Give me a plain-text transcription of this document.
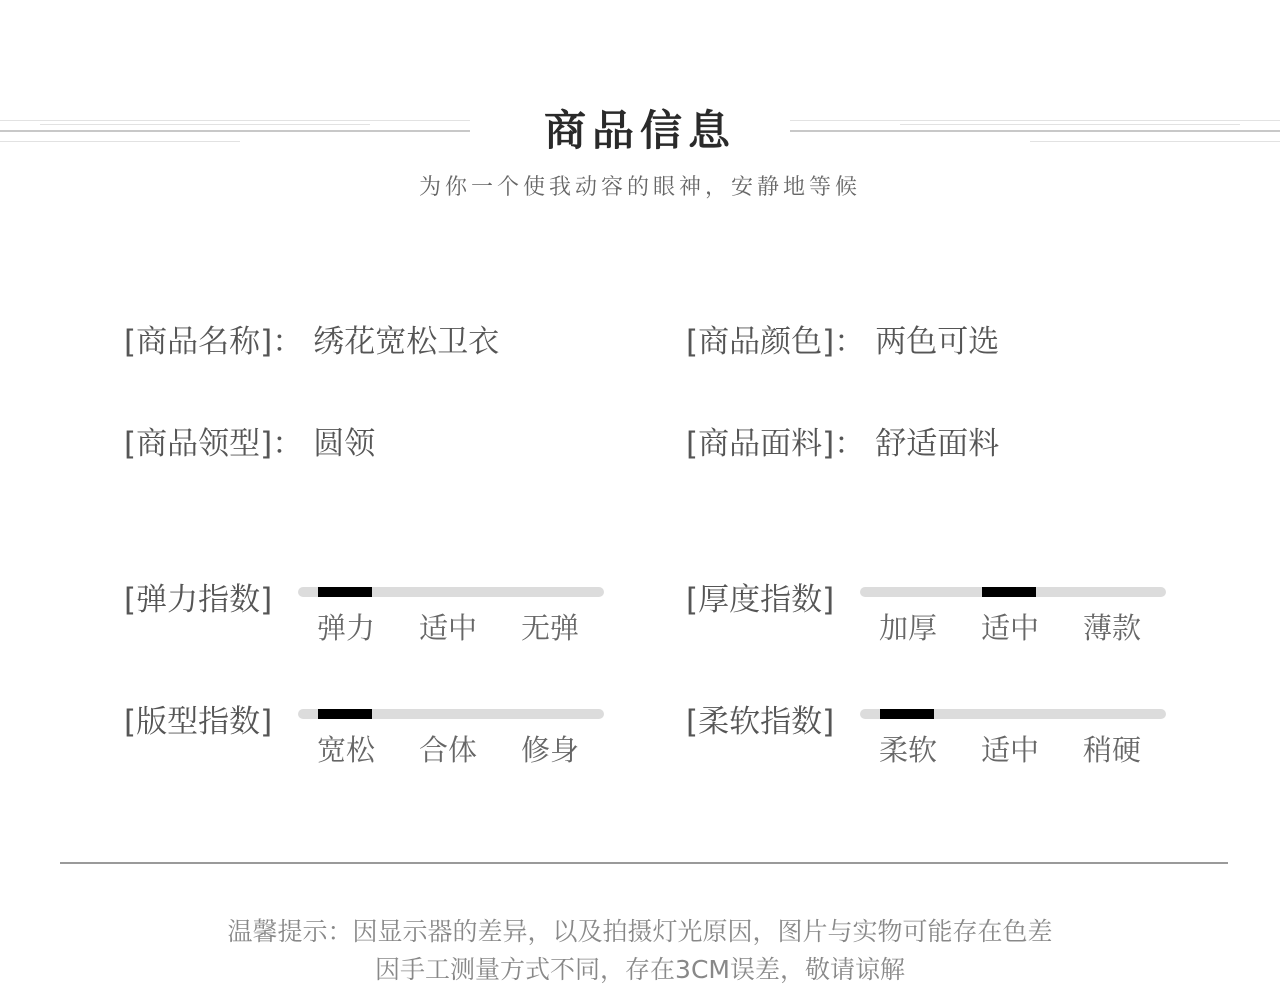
商品信息
为你一个使我动容的眼神，安静地等候
[商品名称]： 绣花宽松卫衣	[商品颜色]： 两色可选
[商品领型]： 圆领	[商品面料]： 舒适面料
[弹力指数]
弹力	适中	无弹
[厚度指数]
加厚	适中	薄款
[版型指数]
宽松	合体	修身
[柔软指数]
柔软	适中	稍硬
温馨提示：因显示器的差异，以及拍摄灯光原因，图片与实物可能存在色差
因手工测量方式不同，存在3CM误差，敬请谅解
